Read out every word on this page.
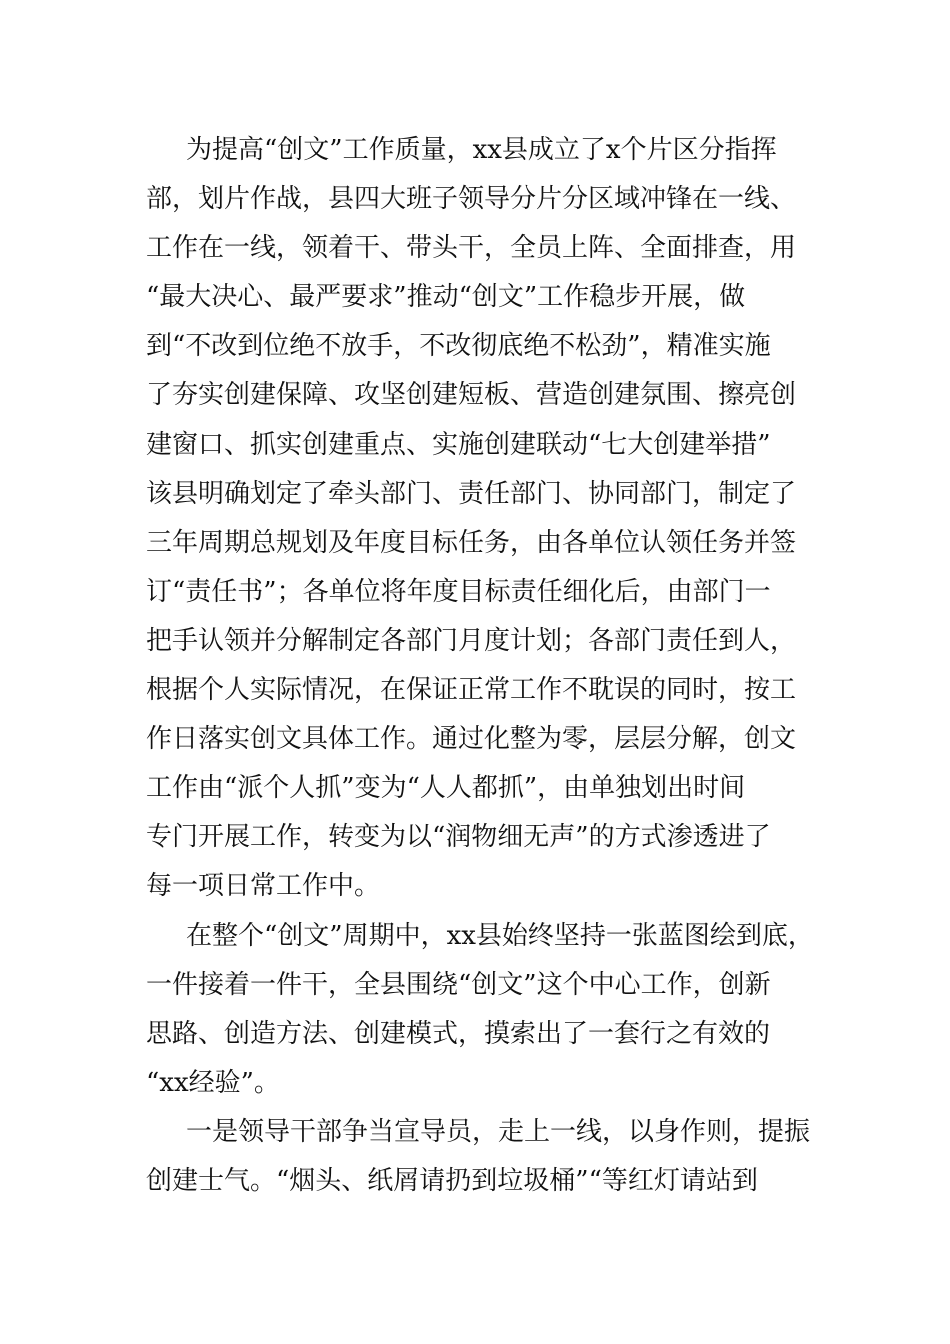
为提高“创文”工作质量，xx县成立了x个片区分指挥
部，划片作战，县四大班子领导分片分区域冲锋在一线、
工作在一线，领着干、带头干，全员上阵、全面排查，用
“最大决心、最严要求”推动“创文”工作稳步开展，做
到“不改到位绝不放手，不改彻底绝不松劲”，精准实施
了夯实创建保障、攻坚创建短板、营造创建氛围、擦亮创
建窗口、抓实创建重点、实施创建联动“七大创建举措”
该县明确划定了牵头部门、责任部门、协同部门，制定了
三年周期总规划及年度目标任务，由各单位认领任务并签
订“责任书”；各单位将年度目标责任细化后，由部门一
把手认领并分解制定各部门月度计划；各部门责任到人，
根据个人实际情况，在保证正常工作不耽误的同时，按工
作日落实创文具体工作。通过化整为零，层层分解，创文
工作由“派个人抓”变为“人人都抓”，由单独划出时间
专门开展工作，转变为以“润物细无声”的方式渗透进了
每一项日常工作中。
在整个“创文”周期中，xx县始终坚持一张蓝图绘到底，
一件接着一件干，全县围绕“创文”这个中心工作，创新
思路、创造方法、创建模式，摸索出了一套行之有效的
“xx经验”。
一是领导干部争当宣导员，走上一线，以身作则，提振
创建士气。“烟头、纸屑请扔到垃圾桶”“等红灯请站到
